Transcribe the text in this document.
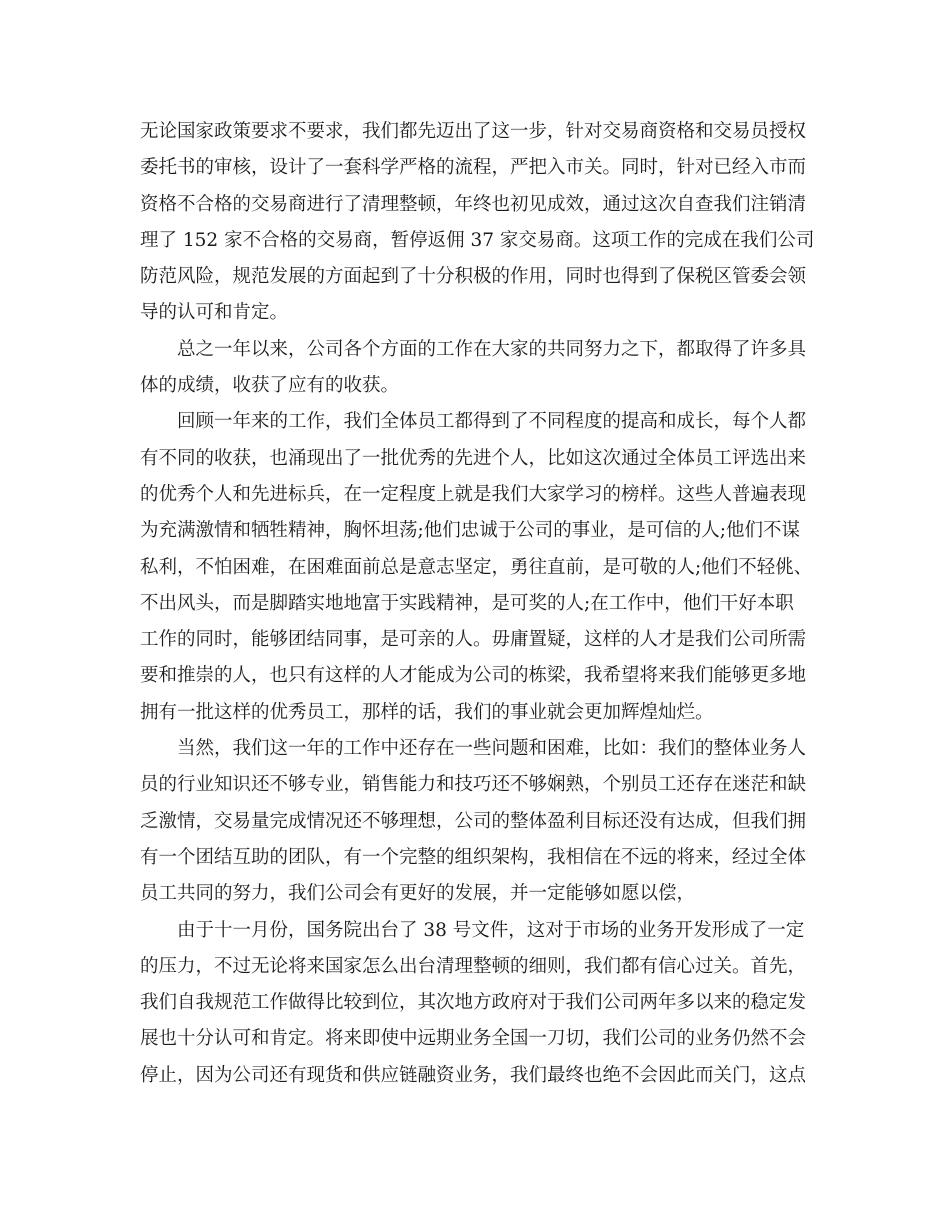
无论国家政策要求不要求，我们都先迈出了这一步，针对交易商资格和交易员授权
委托书的审核，设计了一套科学严格的流程，严把入市关。同时，针对已经入市而
资格不合格的交易商进行了清理整顿，年终也初见成效，通过这次自查我们注销清
理了 152 家不合格的交易商，暂停返佣 37 家交易商。这项工作的完成在我们公司
防范风险，规范发展的方面起到了十分积极的作用，同时也得到了保税区管委会领
导的认可和肯定。
总之一年以来，公司各个方面的工作在大家的共同努力之下，都取得了许多具
体的成绩，收获了应有的收获。
回顾一年来的工作，我们全体员工都得到了不同程度的提高和成长，每个人都
有不同的收获，也涌现出了一批优秀的先进个人，比如这次通过全体员工评选出来
的优秀个人和先进标兵，在一定程度上就是我们大家学习的榜样。这些人普遍表现
为充满激情和牺牲精神，胸怀坦荡;他们忠诚于公司的事业，是可信的人;他们不谋
私利，不怕困难，在困难面前总是意志坚定，勇往直前，是可敬的人;他们不轻佻、
不出风头，而是脚踏实地地富于实践精神，是可奖的人;在工作中，他们干好本职
工作的同时，能够团结同事，是可亲的人。毋庸置疑，这样的人才是我们公司所需
要和推崇的人，也只有这样的人才能成为公司的栋梁，我希望将来我们能够更多地
拥有一批这样的优秀员工，那样的话，我们的事业就会更加辉煌灿烂。
当然，我们这一年的工作中还存在一些问题和困难，比如：我们的整体业务人
员的行业知识还不够专业，销售能力和技巧还不够娴熟，个别员工还存在迷茫和缺
乏激情，交易量完成情况还不够理想，公司的整体盈利目标还没有达成，但我们拥
有一个团结互助的团队，有一个完整的组织架构，我相信在不远的将来，经过全体
员工共同的努力，我们公司会有更好的发展，并一定能够如愿以偿，
由于十一月份，国务院出台了 38 号文件，这对于市场的业务开发形成了一定
的压力，不过无论将来国家怎么出台清理整顿的细则，我们都有信心过关。首先，
我们自我规范工作做得比较到位，其次地方政府对于我们公司两年多以来的稳定发
展也十分认可和肯定。将来即使中远期业务全国一刀切，我们公司的业务仍然不会
停止，因为公司还有现货和供应链融资业务，我们最终也绝不会因此而关门，这点
